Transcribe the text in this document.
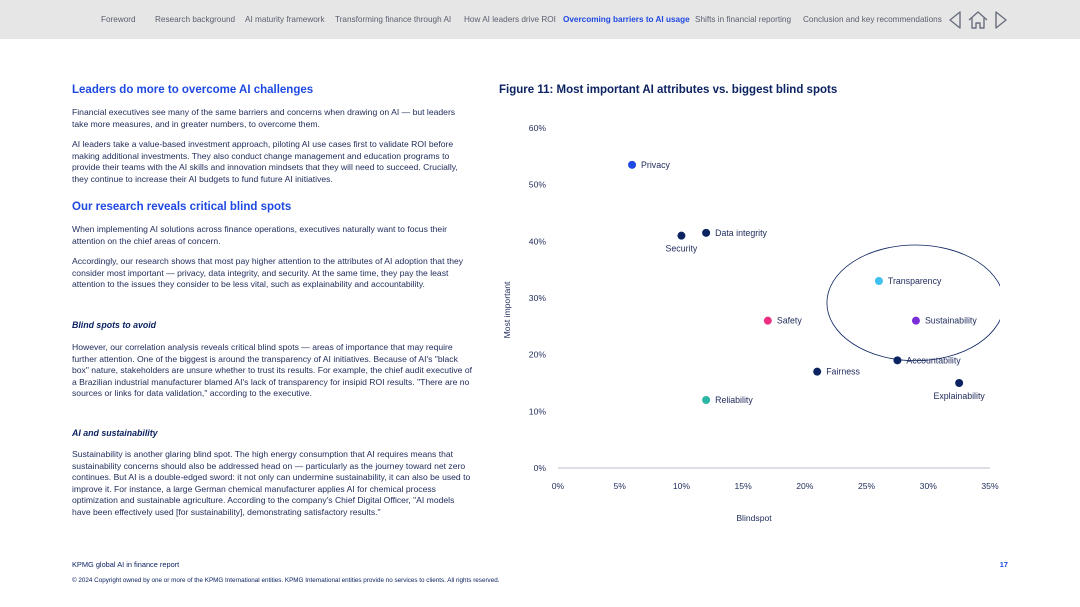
Foreword Research background AI maturity framework Transforming finance through AI How AI leaders drive ROI Overcoming barriers to AI usage Shifts in financial reporting Conclusion and key recommendations
Leaders do more to overcome AI challenges
Financial executives see many of the same barriers and concerns when drawing on AI — but leaders take more measures, and in greater numbers, to overcome them.
AI leaders take a value-based investment approach, piloting AI use cases first to validate ROI before making additional investments. They also conduct change management and education programs to provide their teams with the AI skills and innovation mindsets that they will need to succeed. Crucially, they continue to increase their AI budgets to fund future AI initiatives.
Our research reveals critical blind spots
When implementing AI solutions across finance operations, executives naturally want to focus their attention on the chief areas of concern.
Accordingly, our research shows that most pay higher attention to the attributes of AI adoption that they consider most important — privacy, data integrity, and security. At the same time, they pay the least attention to the issues they consider to be less vital, such as explainability and accountability.
Blind spots to avoid
However, our correlation analysis reveals critical blind spots — areas of importance that may require further attention. One of the biggest is around the transparency of AI initiatives. Because of AI's "black box" nature, stakeholders are unsure whether to trust its results. For example, the chief audit executive of a Brazilian industrial manufacturer blamed AI's lack of transparency for insipid ROI results. "There are no sources or links for data validation," according to the executive.
AI and sustainability
Sustainability is another glaring blind spot. The high energy consumption that AI requires means that sustainability concerns should also be addressed head on — particularly as the journey toward net zero continues. But AI is a double-edged sword: it not only can undermine sustainability, it can also be used to improve it. For instance, a large German chemical manufacturer applies AI for chemical process optimization and sustainable agriculture. According to the company's Chief Digital Officer, "AI models have been effectively used [for sustainability], demonstrating satisfactory results."
Figure 11: Most important AI attributes vs. biggest blind spots
0%
10%
20%
30%
40%
50%
60%
0%	5%	10%	15%	20%	25%	30%	35%
Blindspot
Most important
Privacy
Data integrity
Security
Transparency
Sustainability
Safety
Accountability
Fairness
Explainability
Reliability
KPMG global AI in finance report	17
© 2024 Copyright owned by one or more of the KPMG International entities. KPMG International entities provide no services to clients. All rights reserved.
